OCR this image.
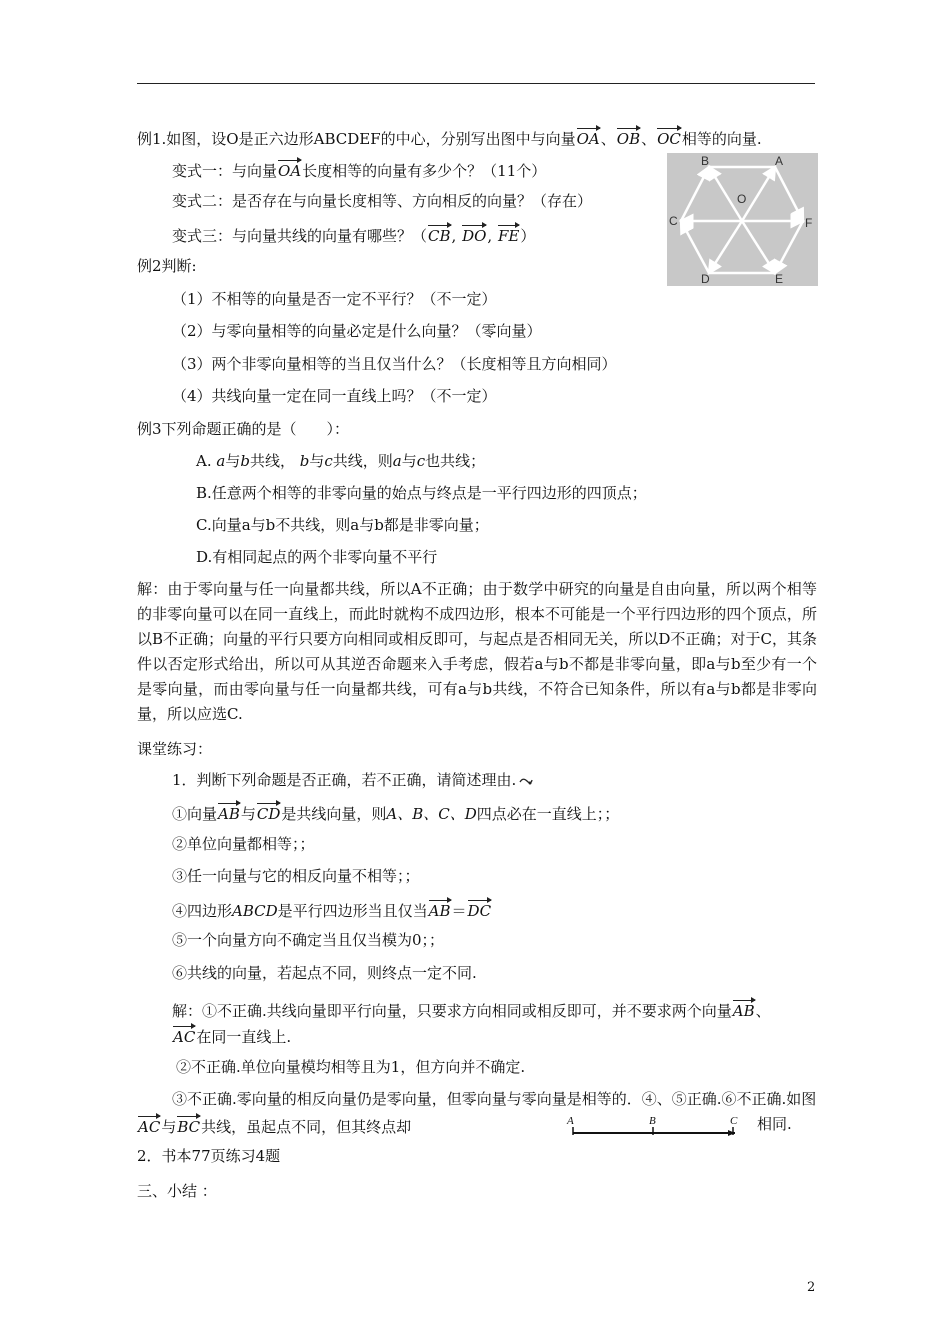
例1.如图，设O是正六边形ABCDEF的中心，分别写出图中与向量OA、OB、OC相等的向量.
变式一：与向量OA长度相等的向量有多少个？（11个）
变式二：是否存在与向量长度相等、方向相反的向量？（存在）
变式三：与向量共线的向量有哪些？（CB, DO, FE）
A
B
C
D	E
F
O
例2判断:
（1）不相等的向量是否一定不平行？（不一定）
（2）与零向量相等的向量必定是什么向量？（零向量）
（3）两个非零向量相等的当且仅当什么？（长度相等且方向相同）
（4）共线向量一定在同一直线上吗？（不一定）
例3下列命题正确的是（　　）：
A. a与b共线， b与c共线，则a与c也共线；
B.任意两个相等的非零向量的始点与终点是一平行四边形的四顶点；
C.向量a与b不共线，则a与b都是非零向量；
D.有相同起点的两个非零向量不平行
解：由于零向量与任一向量都共线，所以A不正确；由于数学中研究的向量是自由向量，所以两个相等的非零向量可以在同一直线上，而此时就构不成四边形，根本不可能是一个平行四边形的四个顶点，所以B不正确；向量的平行只要方向相同或相反即可，与起点是否相同无关，所以D不正确；对于C，其条件以否定形式给出，所以可从其逆否命题来入手考虑，假若a与b不都是非零向量，即a与b至少有一个是零向量，而由零向量与任一向量都共线，可有a与b共线，不符合已知条件，所以有a与b都是非零向量，所以应选C.
课堂练习：
1．判断下列命题是否正确，若不正确，请简述理由.
①向量AB与CD是共线向量，则A、B、C、D四点必在一直线上；；
②单位向量都相等；；
③任一向量与它的相反向量不相等；；
④四边形ABCD是平行四边形当且仅当AB＝DC
⑤一个向量方向不确定当且仅当模为0；；
⑥共线的向量，若起点不同，则终点一定不同.
解：①不正确.共线向量即平行向量，只要求方向相同或相反即可，并不要求两个向量AB、
AC在同一直线上.
②不正确.单位向量模均相等且为1，但方向并不确定.
③不正确.零向量的相反向量仍是零向量，但零向量与零向量是相等的．④、⑤正确.⑥不正确.如图
AC与BC共线，虽起点不同，但其终点却	相同.
A	B	C
2．书本77页练习4题
三、小结 ：
2
